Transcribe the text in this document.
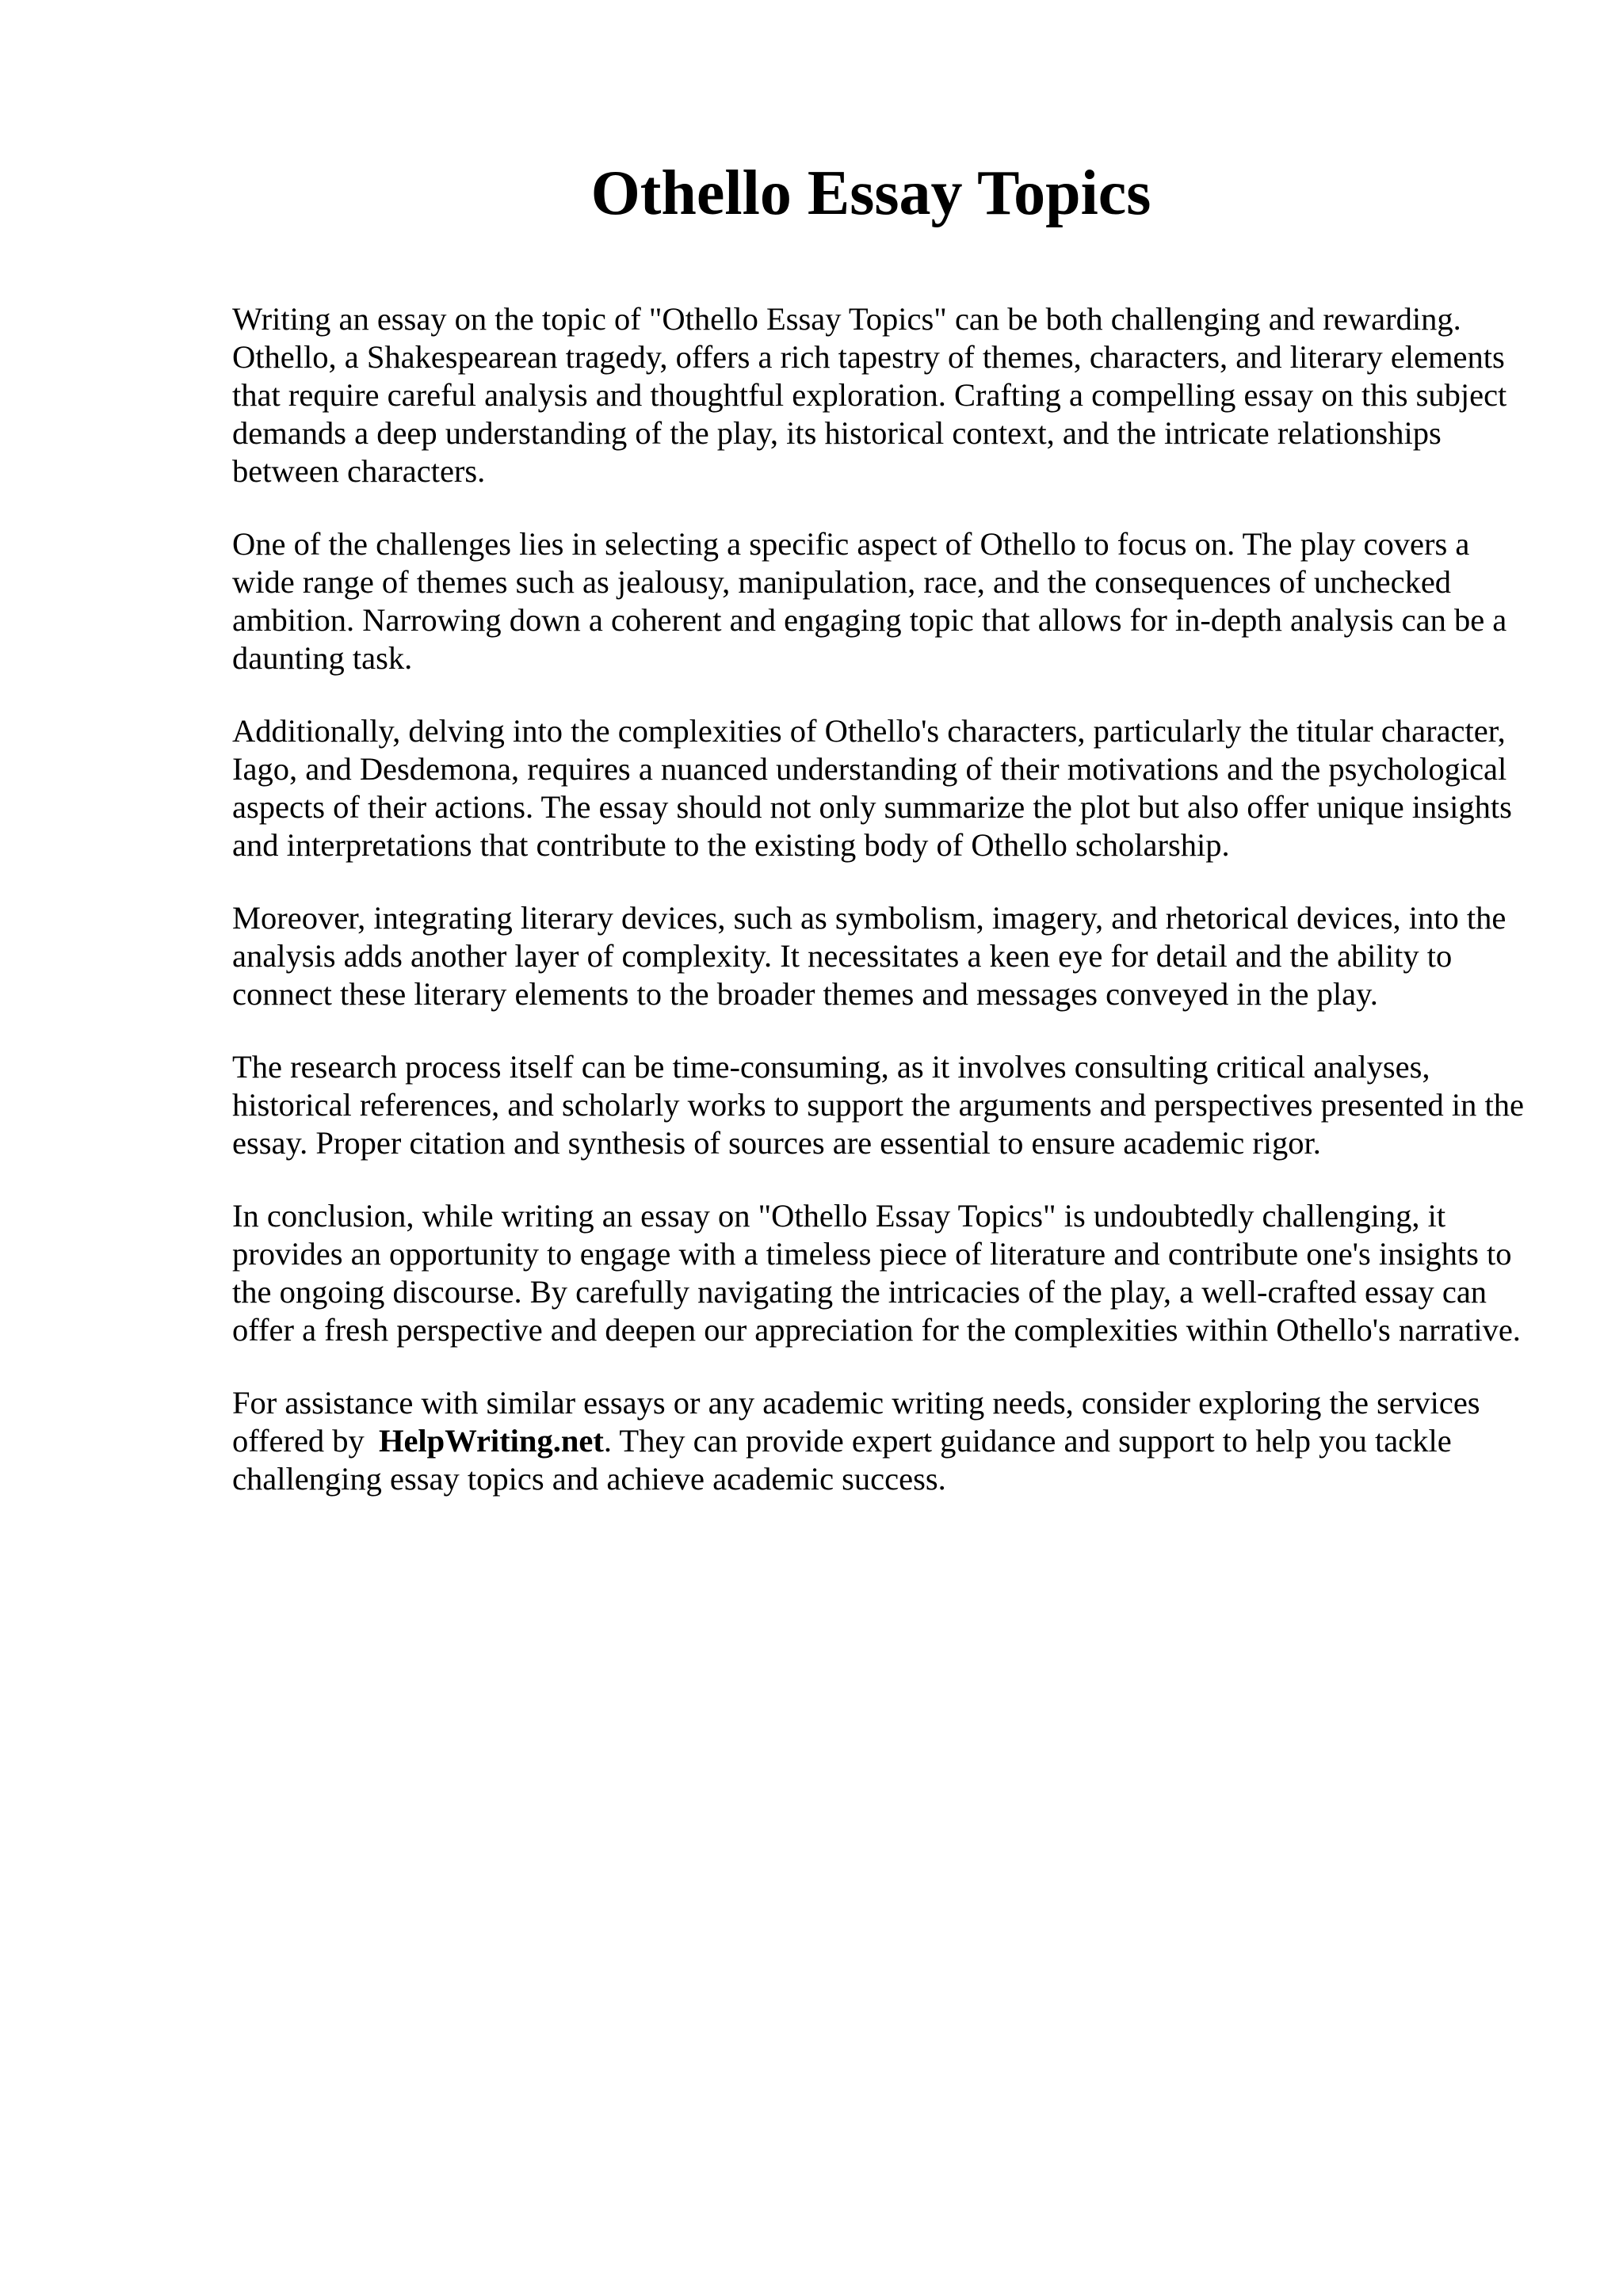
Othello Essay Topics

Writing an essay on the topic of "Othello Essay Topics" can be both challenging and rewarding. Othello, a Shakespearean tragedy, offers a rich tapestry of themes, characters, and literary elements that require careful analysis and thoughtful exploration. Crafting a compelling essay on this subject demands a deep understanding of the play, its historical context, and the intricate relationships between characters.

One of the challenges lies in selecting a specific aspect of Othello to focus on. The play covers a wide range of themes such as jealousy, manipulation, race, and the consequences of unchecked ambition. Narrowing down a coherent and engaging topic that allows for in-depth analysis can be a daunting task.

Additionally, delving into the complexities of Othello's characters, particularly the titular character, Iago, and Desdemona, requires a nuanced understanding of their motivations and the psychological aspects of their actions. The essay should not only summarize the plot but also offer unique insights and interpretations that contribute to the existing body of Othello scholarship.

Moreover, integrating literary devices, such as symbolism, imagery, and rhetorical devices, into the analysis adds another layer of complexity. It necessitates a keen eye for detail and the ability to connect these literary elements to the broader themes and messages conveyed in the play.

The research process itself can be time-consuming, as it involves consulting critical analyses, historical references, and scholarly works to support the arguments and perspectives presented in the essay. Proper citation and synthesis of sources are essential to ensure academic rigor.

In conclusion, while writing an essay on "Othello Essay Topics" is undoubtedly challenging, it provides an opportunity to engage with a timeless piece of literature and contribute one's insights to the ongoing discourse. By carefully navigating the intricacies of the play, a well-crafted essay can offer a fresh perspective and deepen our appreciation for the complexities within Othello's narrative.

For assistance with similar essays or any academic writing needs, consider exploring the services offered by HelpWriting.net. They can provide expert guidance and support to help you tackle challenging essay topics and achieve academic success.
